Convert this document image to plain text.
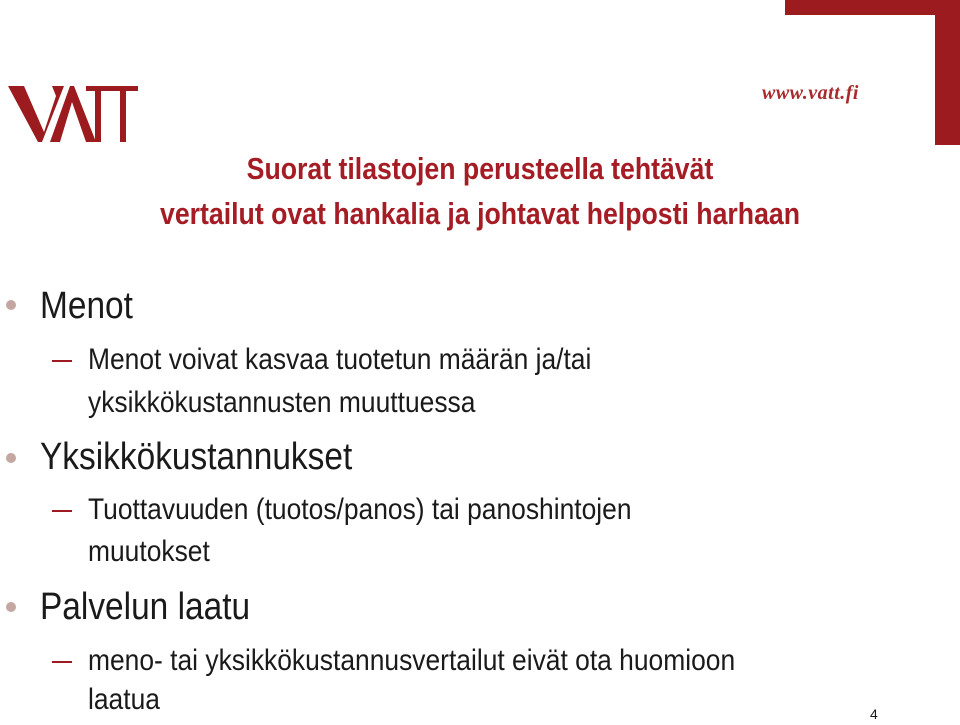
www.vatt.fi
Suorat tilastojen perusteella tehtävät
vertailut ovat hankalia ja johtavat helposti harhaan
Menot
Menot voivat kasvaa tuotetun määrän ja/tai
yksikkökustannusten muuttuessa
Yksikkökustannukset
Tuottavuuden (tuotos/panos) tai panoshintojen
muutokset
Palvelun laatu
meno- tai yksikkökustannusvertailut eivät ota huomioon
laatua	4
